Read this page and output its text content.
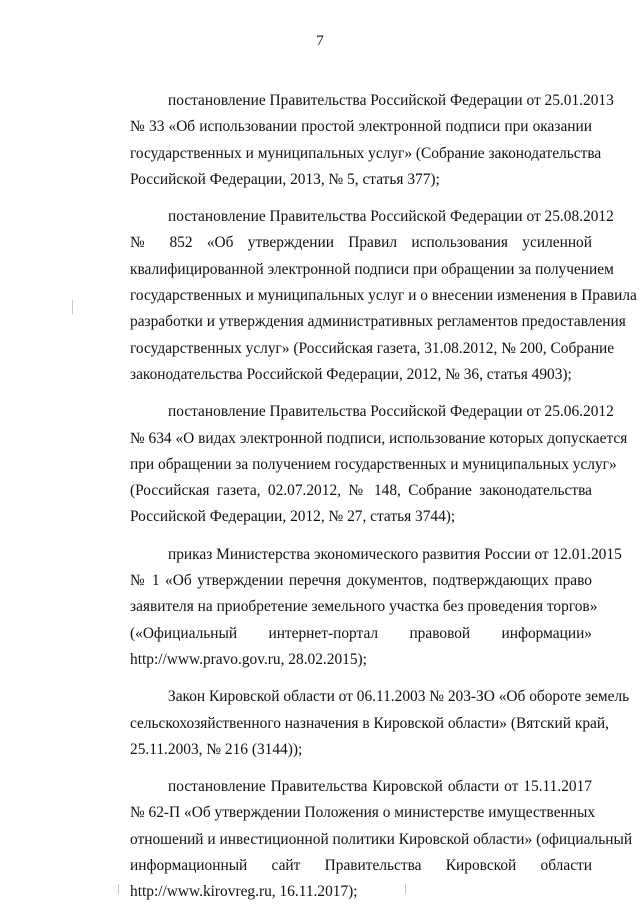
7
постановление Правительства Российской Федерации от 25.01.2013
№ 33 «Об использовании простой электронной подписи при оказании
государственных и муниципальных услуг» (Собрание законодательства
Российской Федерации, 2013, № 5, статья 377);
постановление Правительства Российской Федерации от 25.08.2012
№ 852 «Об утверждении Правил использования усиленной
квалифицированной электронной подписи при обращении за получением
государственных и муниципальных услуг и о внесении изменения в Правила
разработки и утверждения административных регламентов предоставления
государственных услуг» (Российская газета, 31.08.2012, № 200, Собрание
законодательства Российской Федерации, 2012, № 36, статья 4903);
постановление Правительства Российской Федерации от 25.06.2012
№ 634 «О видах электронной подписи, использование которых допускается
при обращении за получением государственных и муниципальных услуг»
(Российская газета, 02.07.2012, № 148, Собрание законодательства
Российской Федерации, 2012, № 27, статья 3744);
приказ Министерства экономического развития России от 12.01.2015
№ 1 «Об утверждении перечня документов, подтверждающих право
заявителя на приобретение земельного участка без проведения торгов»
(«Официальный интернет-портал правовой информации»
http://www.pravo.gov.ru, 28.02.2015);
Закон Кировской области от 06.11.2003 № 203-ЗО «Об обороте земель
сельскохозяйственного назначения в Кировской области» (Вятский край,
25.11.2003, № 216 (3144));
постановление Правительства Кировской области от 15.11.2017
№ 62-П «Об утверждении Положения о министерстве имущественных
отношений и инвестиционной политики Кировской области» (официальный
информационный сайт Правительства Кировской области
http://www.kirovreg.ru, 16.11.2017);
